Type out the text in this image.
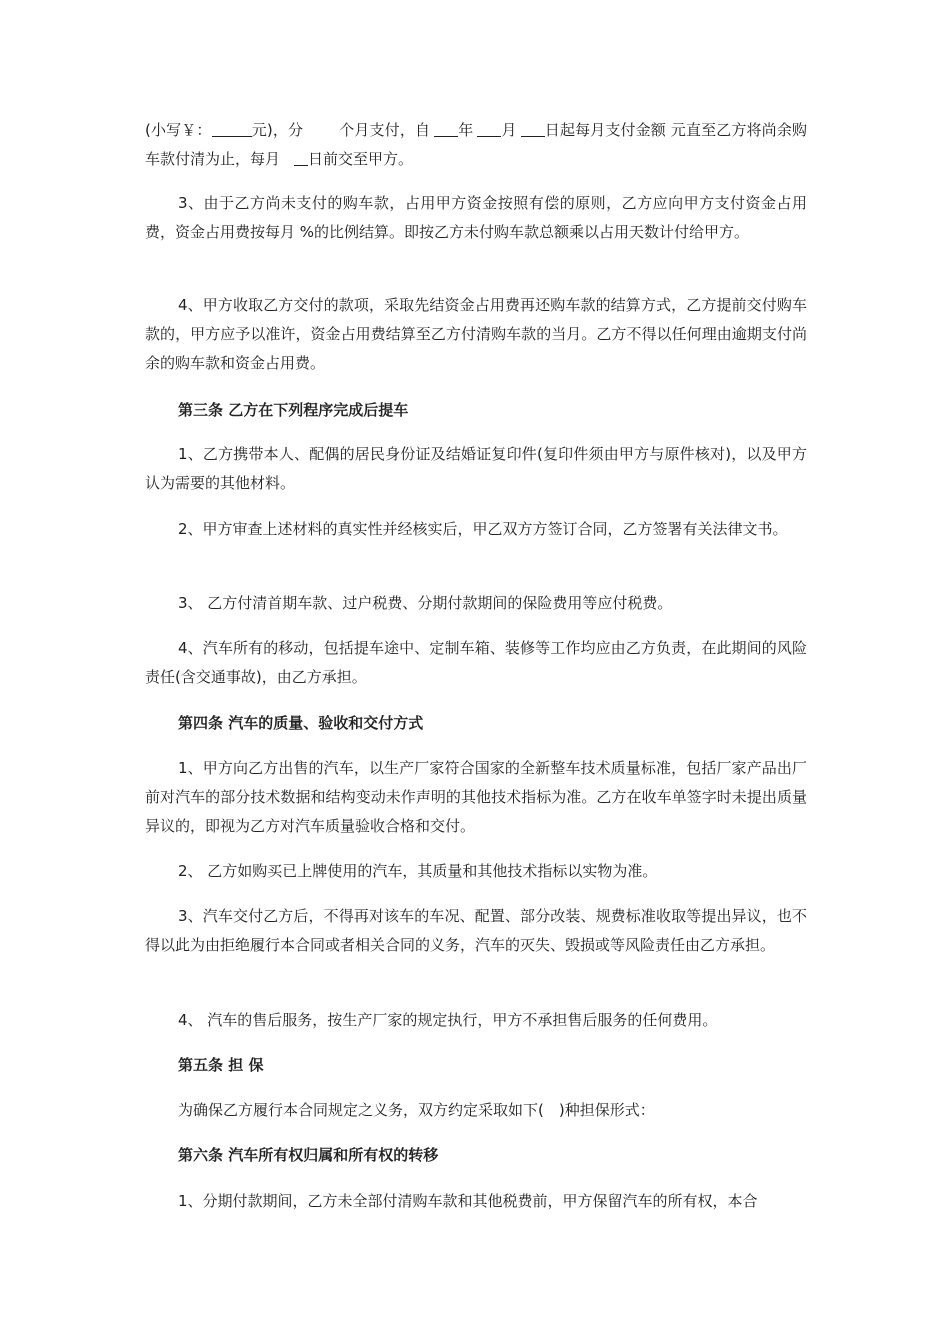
(小写￥：	元)，分 个月支付，自 年 月 日起每月支付金额 元直至乙方将尚余购车款付清为止，每月 日前交至甲方。

3、由于乙方尚未支付的购车款，占用甲方资金按照有偿的原则，乙方应向甲方支付资金占用费，资金占用费按每月 %的比例结算。即按乙方未付购车款总额乘以占用天数计付给甲方。

4、甲方收取乙方交付的款项，采取先结资金占用费再还购车款的结算方式，乙方提前交付购车款的，甲方应予以准许，资金占用费结算至乙方付清购车款的当月。乙方不得以任何理由逾期支付尚余的购车款和资金占用费。

第三条 乙方在下列程序完成后提车

1、乙方携带本人、配偶的居民身份证及结婚证复印件(复印件须由甲方与原件核对)，以及甲方认为需要的其他材料。

2、甲方审查上述材料的真实性并经核实后，甲乙双方方签订合同，乙方签署有关法律文书。

3、 乙方付清首期车款、过户税费、分期付款期间的保险费用等应付税费。

4、汽车所有的移动，包括提车途中、定制车箱、装修等工作均应由乙方负责，在此期间的风险责任(含交通事故)，由乙方承担。

第四条 汽车的质量、验收和交付方式

1、甲方向乙方出售的汽车，以生产厂家符合国家的全新整车技术质量标准，包括厂家产品出厂前对汽车的部分技术数据和结构变动未作声明的其他技术指标为准。乙方在收车单签字时未提出质量异议的，即视为乙方对汽车质量验收合格和交付。

2、 乙方如购买已上牌使用的汽车，其质量和其他技术指标以实物为准。

3、汽车交付乙方后，不得再对该车的车况、配置、部分改装、规费标准收取等提出异议，也不得以此为由拒绝履行本合同或者相关合同的义务，汽车的灭失、毁损或等风险责任由乙方承担。

4、 汽车的售后服务，按生产厂家的规定执行，甲方不承担售后服务的任何费用。

第五条 担 保

为确保乙方履行本合同规定之义务，双方约定采取如下(　)种担保形式：

第六条 汽车所有权归属和所有权的转移

1、分期付款期间，乙方未全部付清购车款和其他税费前，甲方保留汽车的所有权，本合
